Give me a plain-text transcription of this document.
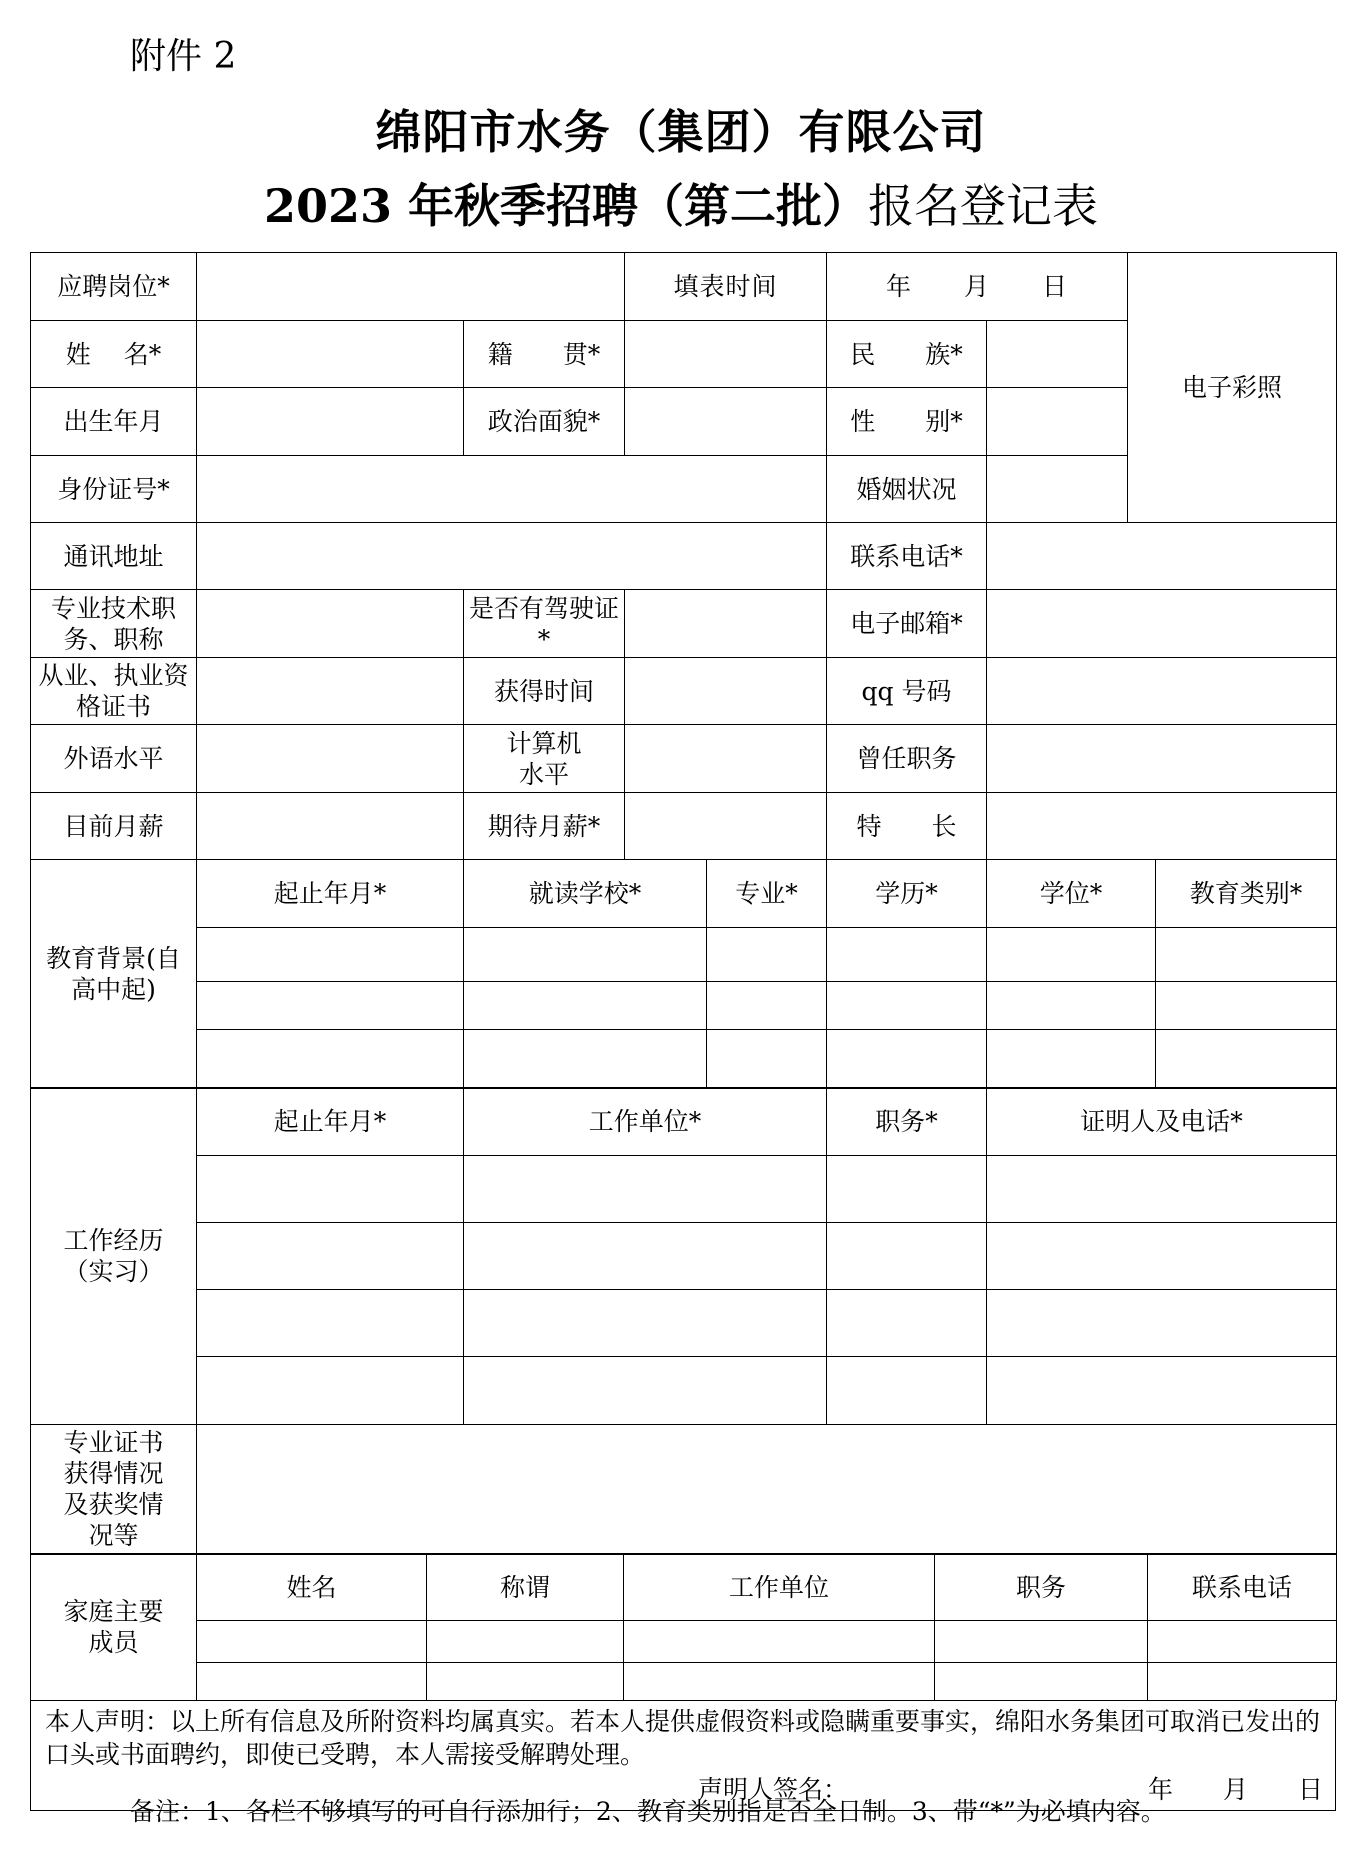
附件 2
绵阳市水务（集团）有限公司
2023 年秋季招聘（第二批）报名登记表
应聘岗位*			填表时间	年　　月　　日		电子彩照
姓　 名*		籍　　贯*		民　　族*		
出生年月		政治面貌*		性　　别*		
身份证号*				婚姻状况		
通讯地址				联系电话*		
专业技术职务、职称		是否有驾驶证*		电子邮箱*		
从业、执业资格证书		获得时间		qq 号码		
外语水平		计算机水平		曾任职务		
目前月薪		期待月薪*		特　　长		
教育背景(自高中起)	起止年月*	就读学校*	专业*	学历*	学位*	教育类别*

工作经历（实习）	起止年月*	工作单位*	职务*	证明人及电话*

专业证书获得情况及获奖情况等

家庭主要成员	姓名	称谓	工作单位	职务	联系电话

本人声明：以上所有信息及所附资料均属真实。若本人提供虚假资料或隐瞒重要事实，绵阳水务集团可取消已发出的口头或书面聘约，即使已受聘，本人需接受解聘处理。
声明人签名：	年　　月　　日
备注：1、各栏不够填写的可自行添加行；2、教育类别指是否全日制。3、带“*”为必填内容。
